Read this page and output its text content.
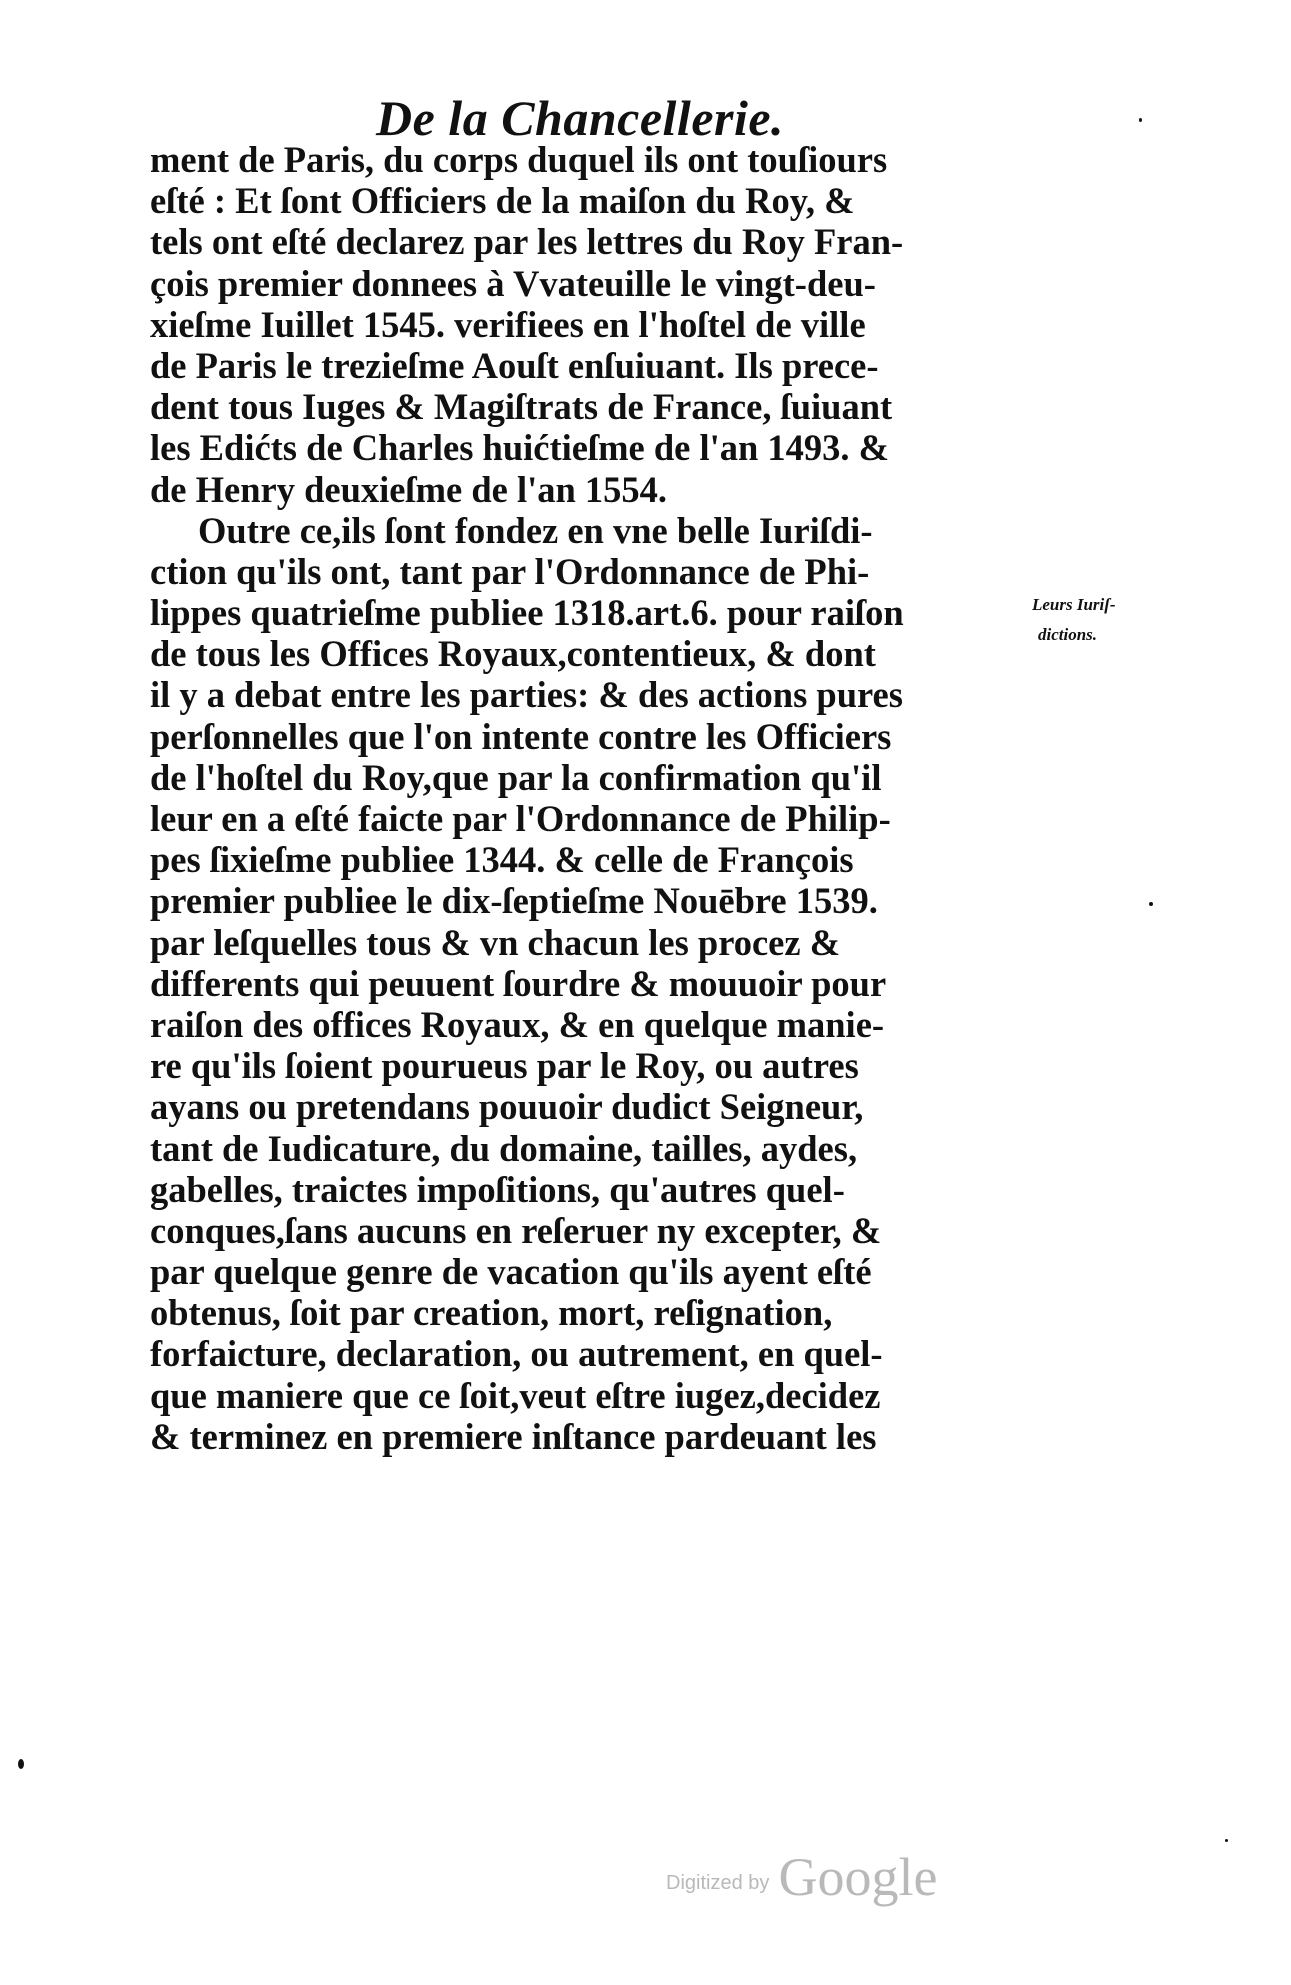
De la Chancellerie.
ment de Paris, du corps duquel ils ont touſiours
eſté : Et ſont Officiers de la maiſon du Roy, &
tels ont eſté declarez par les lettres du Roy Fran-
çois premier donnees à Vvateuille le vingt-deu-
xieſme Iuillet 1545. verifiees en l'hoſtel de ville
de Paris le trezieſme Aouſt enſuiuant. Ils prece-
dent tous Iuges & Magiſtrats de France, ſuiuant
les Edićts de Charles huićtieſme de l'an 1493. &
de Henry deuxieſme de l'an 1554.
Outre ce,ils ſont fondez en vne belle Iuriſdi-
ction qu'ils ont, tant par l'Ordonnance de Phi-
lippes quatrieſme publiee 1318.art.6. pour raiſon
de tous les Offices Royaux,contentieux, & dont
il y a debat entre les parties: & des actions pures
perſonnelles que l'on intente contre les Officiers
de l'hoſtel du Roy,que par la confirmation qu'il
leur en a eſté faicte par l'Ordonnance de Philip-
pes ſixieſme publiee 1344. & celle de François
premier publiee le dix-ſeptieſme Nouēbre 1539.
par leſquelles tous & vn chacun les procez &
differents qui peuuent ſourdre & mouuoir pour
raiſon des offices Royaux, & en quelque manie-
re qu'ils ſoient pourueus par le Roy, ou autres
ayans ou pretendans pouuoir dudict Seigneur,
tant de Iudicature, du domaine, tailles, aydes,
gabelles, traictes impoſitions, qu'autres quel-
conques,ſans aucuns en reſeruer ny excepter, &
par quelque genre de vacation qu'ils ayent eſté
obtenus, ſoit par creation, mort, reſignation,
forfaicture, declaration, ou autrement, en quel-
que maniere que ce ſoit,veut eſtre iugez,decidez
& terminez en premiere inſtance pardeuant les
Leurs Iuriſ-
dictions.
Digitized by Google
